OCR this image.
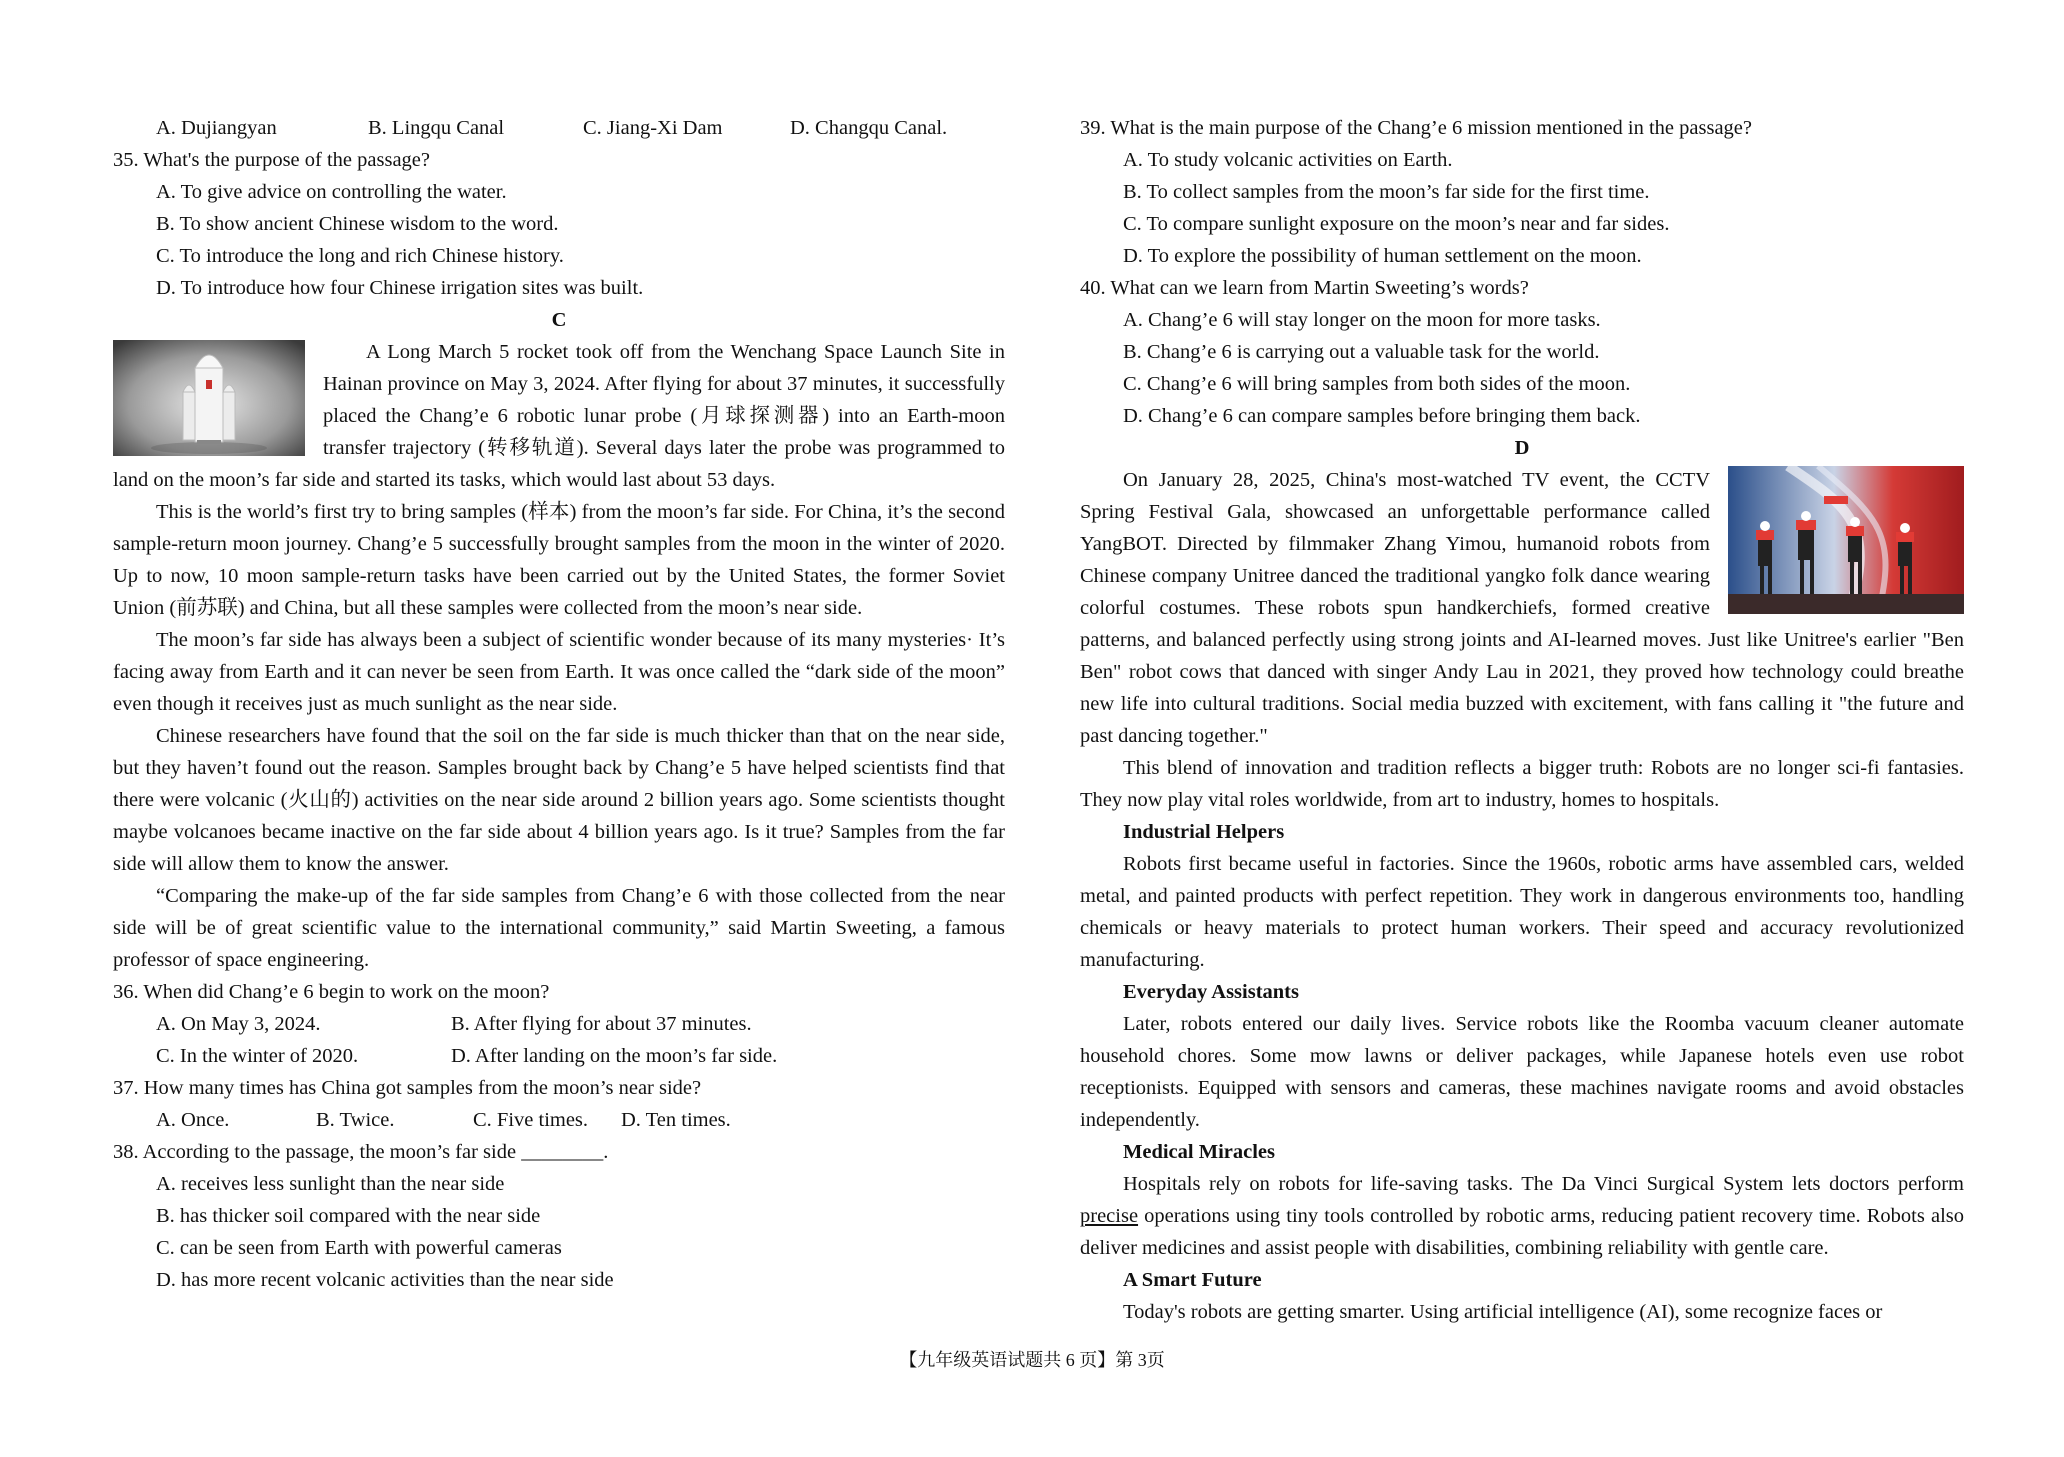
A. Dujiangyan	B. Lingqu Canal	C. Jiang-Xi Dam	D. Changqu Canal.
35. What's the purpose of the passage?
A. To give advice on controlling the water.
B. To show ancient Chinese wisdom to the word.
C. To introduce the long and rich Chinese history.
D. To introduce how four Chinese irrigation sites was built.
C
A Long March 5 rocket took off from the Wenchang Space Launch Site in Hainan province on May 3, 2024. After flying for about 37 minutes, it successfully placed the Chang’e 6 robotic lunar probe (月球探测器) into an Earth-moon transfer trajectory (转移轨道). Several days later the probe was programmed to land on the moon’s far side and started its tasks, which would last about 53 days.
This is the world’s first try to bring samples (样本) from the moon’s far side. For China, it’s the second sample-return moon journey. Chang’e 5 successfully brought samples from the moon in the winter of 2020. Up to now, 10 moon sample-return tasks have been carried out by the United States, the former Soviet Union (前苏联) and China, but all these samples were collected from the moon’s near side.
The moon’s far side has always been a subject of scientific wonder because of its many mysteries· It’s facing away from Earth and it can never be seen from Earth. It was once called the “dark side of the moon” even though it receives just as much sunlight as the near side.
Chinese researchers have found that the soil on the far side is much thicker than that on the near side, but they haven’t found out the reason. Samples brought back by Chang’e 5 have helped scientists find that there were volcanic (火山的) activities on the near side around 2 billion years ago. Some scientists thought maybe volcanoes became inactive on the far side about 4 billion years ago. Is it true? Samples from the far side will allow them to know the answer.
“Comparing the make-up of the far side samples from Chang’e 6 with those collected from the near side will be of great scientific value to the international community,” said Martin Sweeting, a famous professor of space engineering.
36. When did Chang’e 6 begin to work on the moon?
A. On May 3, 2024.	B. After flying for about 37 minutes.
C. In the winter of 2020.	D. After landing on the moon’s far side.
37. How many times has China got samples from the moon’s near side?
A. Once.	B. Twice.	C. Five times.	D. Ten times.
38. According to the passage, the moon’s far side ________.
A. receives less sunlight than the near side
B. has thicker soil compared with the near side
C. can be seen from Earth with powerful cameras
D. has more recent volcanic activities than the near side
39. What is the main purpose of the Chang’e 6 mission mentioned in the passage?
A. To study volcanic activities on Earth.
B. To collect samples from the moon’s far side for the first time.
C. To compare sunlight exposure on the moon’s near and far sides.
D. To explore the possibility of human settlement on the moon.
40. What can we learn from Martin Sweeting’s words?
A. Chang’e 6 will stay longer on the moon for more tasks.
B. Chang’e 6 is carrying out a valuable task for the world.
C. Chang’e 6 will bring samples from both sides of the moon.
D. Chang’e 6 can compare samples before bringing them back.
D
On January 28, 2025, China's most-watched TV event, the CCTV Spring Festival Gala, showcased an unforgettable performance called YangBOT. Directed by filmmaker Zhang Yimou, humanoid robots from Chinese company Unitree danced the traditional yangko folk dance wearing colorful costumes. These robots spun handkerchiefs, formed creative patterns, and balanced perfectly using strong joints and AI-learned moves. Just like Unitree's earlier "Ben Ben" robot cows that danced with singer Andy Lau in 2021, they proved how technology could breathe new life into cultural traditions. Social media buzzed with excitement, with fans calling it "the future and past dancing together."
This blend of innovation and tradition reflects a bigger truth: Robots are no longer sci-fi fantasies. They now play vital roles worldwide, from art to industry, homes to hospitals.
Industrial Helpers
Robots first became useful in factories. Since the 1960s, robotic arms have assembled cars, welded metal, and painted products with perfect repetition. They work in dangerous environments too, handling chemicals or heavy materials to protect human workers. Their speed and accuracy revolutionized manufacturing.
Everyday Assistants
Later, robots entered our daily lives. Service robots like the Roomba vacuum cleaner automate household chores. Some mow lawns or deliver packages, while Japanese hotels even use robot receptionists. Equipped with sensors and cameras, these machines navigate rooms and avoid obstacles independently.
Medical Miracles
Hospitals rely on robots for life-saving tasks. The Da Vinci Surgical System lets doctors perform precise operations using tiny tools controlled by robotic arms, reducing patient recovery time. Robots also deliver medicines and assist people with disabilities, combining reliability with gentle care.
A Smart Future
Today's robots are getting smarter. Using artificial intelligence (AI), some recognize faces or
【九年级英语试题共 6 页】第 3页
